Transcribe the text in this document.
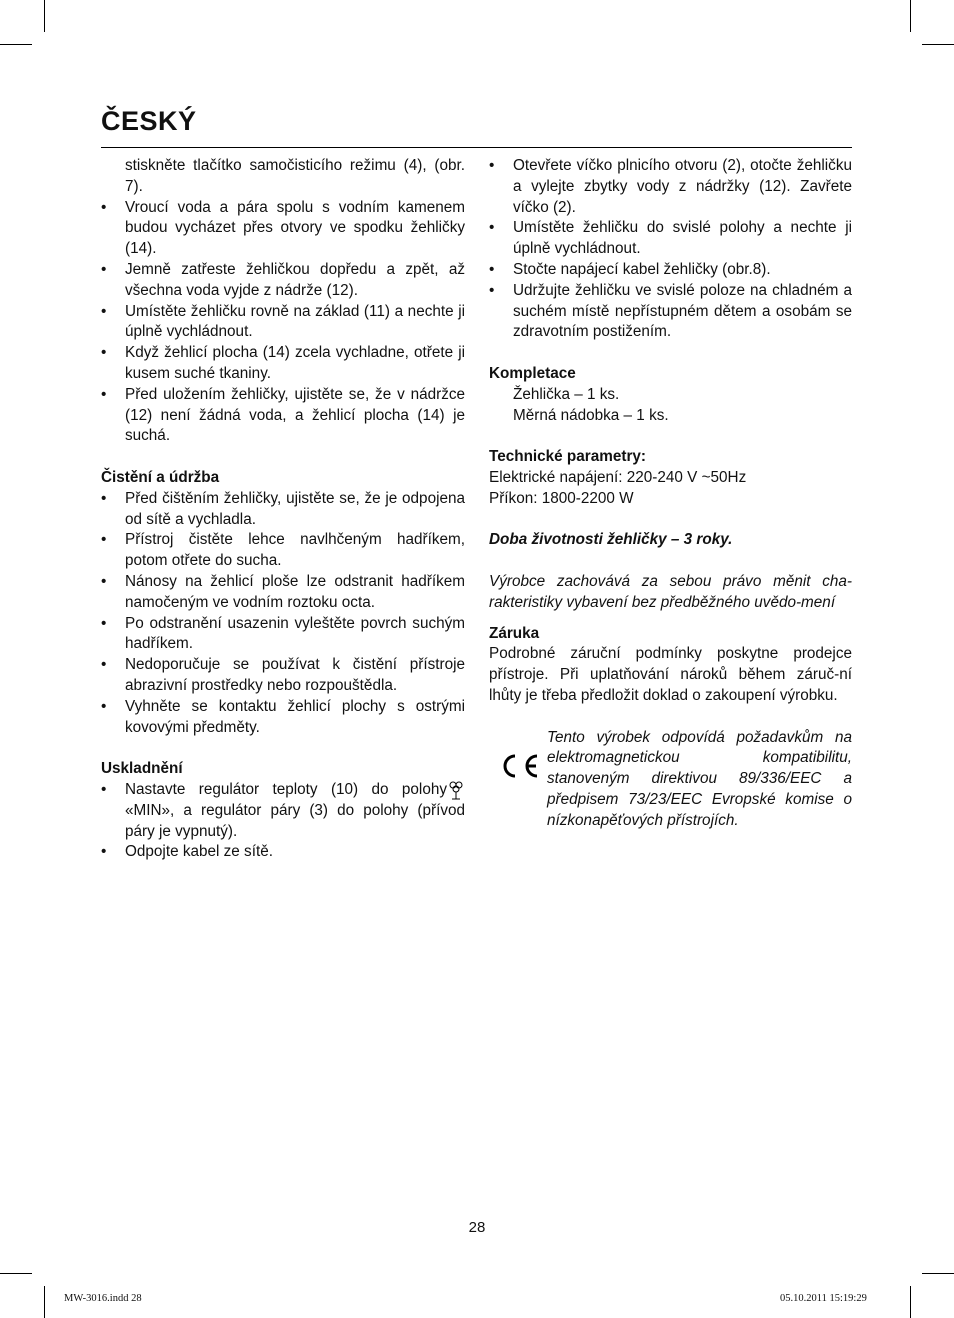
ČESKÝ
stiskněte tlačítko samočisticího režimu (4), (obr. 7).
• Vroucí voda a pára spolu s vodním kamenem budou vycházet přes otvory ve spodku žehličky (14).
• Jemně zatřeste žehličkou dopředu a zpět, až všechna voda vyjde z nádrže (12).
• Umístěte žehličku rovně na základ (11) a nechte ji úplně vychládnout.
• Když žehlicí plocha (14) zcela vychladne, otřete ji kusem suché tkaniny.
• Před uložením žehličky, ujistěte se, že v nádržce (12) není žádná voda, a žehlicí plocha (14) je suchá.
Čistění a údržba
• Před čištěním žehličky, ujistěte se, že je odpojena od sítě a vychladla.
• Přístroj čistěte lehce navlhčeným hadříkem, potom otřete do sucha.
• Nánosy na žehlicí ploše lze odstranit hadříkem namočeným ve vodním roztoku octa.
• Po odstranění usazenin vyleštěte povrch suchým hadříkem.
• Nedoporučuje se používat k čistění přístroje abrazivní prostředky nebo rozpouštědla.
• Vyhněte se kontaktu žehlicí plochy s ostrými kovovými předměty.
Uskladnění
• Nastavte regulátor teploty (10) do polohy «MIN», a regulátor páry (3) do polohy (přívod páry je vypnutý).
• Odpojte kabel ze sítě.
• Otevřete víčko plnicího otvoru (2), otočte žehličku a vylejte zbytky vody z nádržky (12). Zavřete víčko (2).
• Umístěte žehličku do svislé polohy a nechte ji úplně vychládnout.
• Stočte napájecí kabel žehličky (obr.8).
• Udržujte žehličku ve svislé poloze na chladném a suchém místě nepřístupném dětem a osobám se zdravotním postižením.
Kompletace
Žehlička – 1 ks.
Měrná nádobka – 1 ks.
Technické parametry:
Elektrické napájení: 220-240 V ~50Hz
Příkon: 1800-2200 W
Doba životnosti žehličky – 3 roky.
Výrobce zachovává za sebou právo měnit cha-rakteristiky vybavení bez předběžného uvědo-mení
Záruka
Podrobné záruční podmínky poskytne prodejce přístroje. Při uplatňování nároků během záruč-ní lhůty je třeba předložit doklad o zakoupení výrobku.
Tento výrobek odpovídá požadavkům na elektromagnetickou kompatibilitu, stanoveným direktivou 89/336/EEC a předpisem 73/23/EEC Evropské komise o nízkonapěťových přístrojích.
28
MW-3016.indd 28	05.10.2011 15:19:29
